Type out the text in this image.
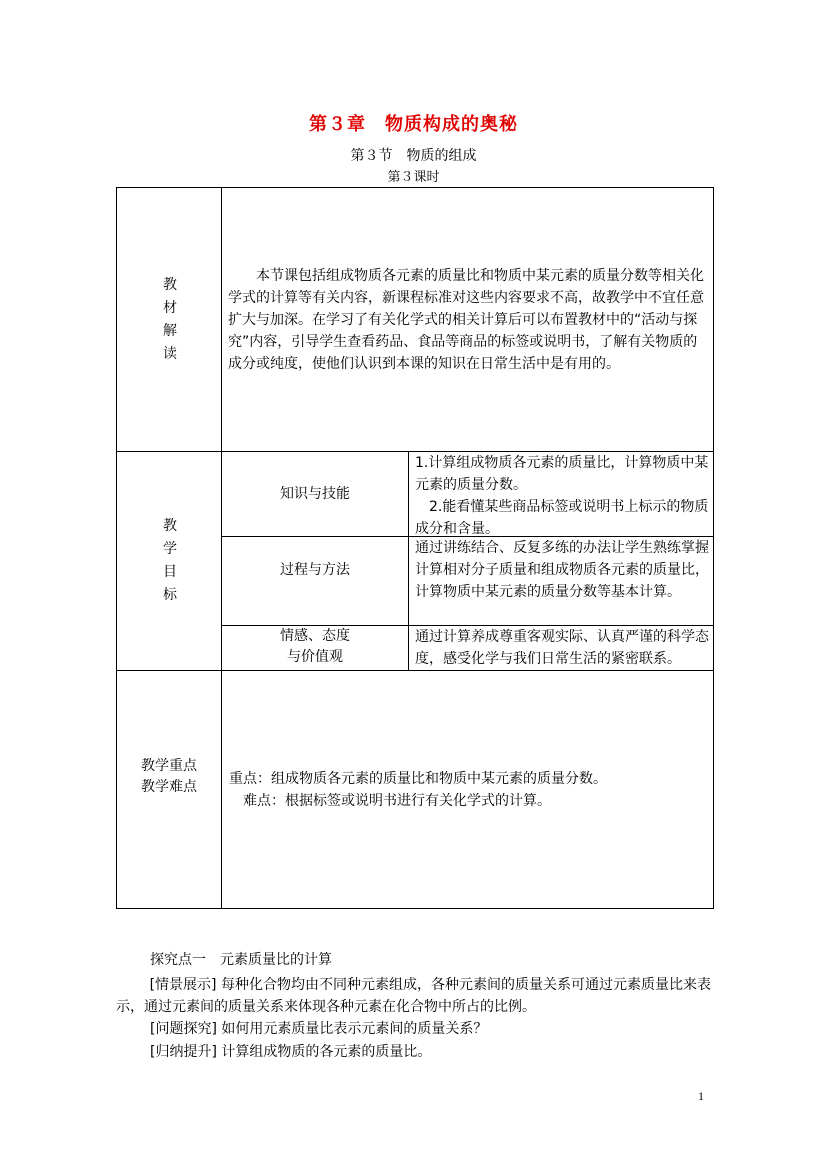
第３章　物质构成的奥秘
第３节　物质的组成
第３课时
教
材
解
读
本节课包括组成物质各元素的质量比和物质中某元素的质量分数等相关化学式的计算等有关内容，新课程标准对这些内容要求不高，故教学中不宜任意扩大与加深。在学习了有关化学式的相关计算后可以布置教材中的“活动与探究”内容，引导学生查看药品、食品等商品的标签或说明书，了解有关物质的成分或纯度，使他们认识到本课的知识在日常生活中是有用的。
教
学
目
标
知识与技能
1.计算组成物质各元素的质量比，计算物质中某元素的质量分数。
2.能看懂某些商品标签或说明书上标示的物质成分和含量。
过程与方法
通过讲练结合、反复多练的办法让学生熟练掌握计算相对分子质量和组成物质各元素的质量比，计算物质中某元素的质量分数等基本计算。
情感、态度
与价值观
通过计算养成尊重客观实际、认真严谨的科学态度，感受化学与我们日常生活的紧密联系。
教学重点
教学难点	重点：组成物质各元素的质量比和物质中某元素的质量分数。
难点：根据标签或说明书进行有关化学式的计算。
探究点一　元素质量比的计算
[情景展示] 每种化合物均由不同种元素组成，各种元素间的质量关系可通过元素质量比来表示，通过元素间的质量关系来体现各种元素在化合物中所占的比例。
[问题探究] 如何用元素质量比表示元素间的质量关系？
[归纳提升] 计算组成物质的各元素的质量比。
1
